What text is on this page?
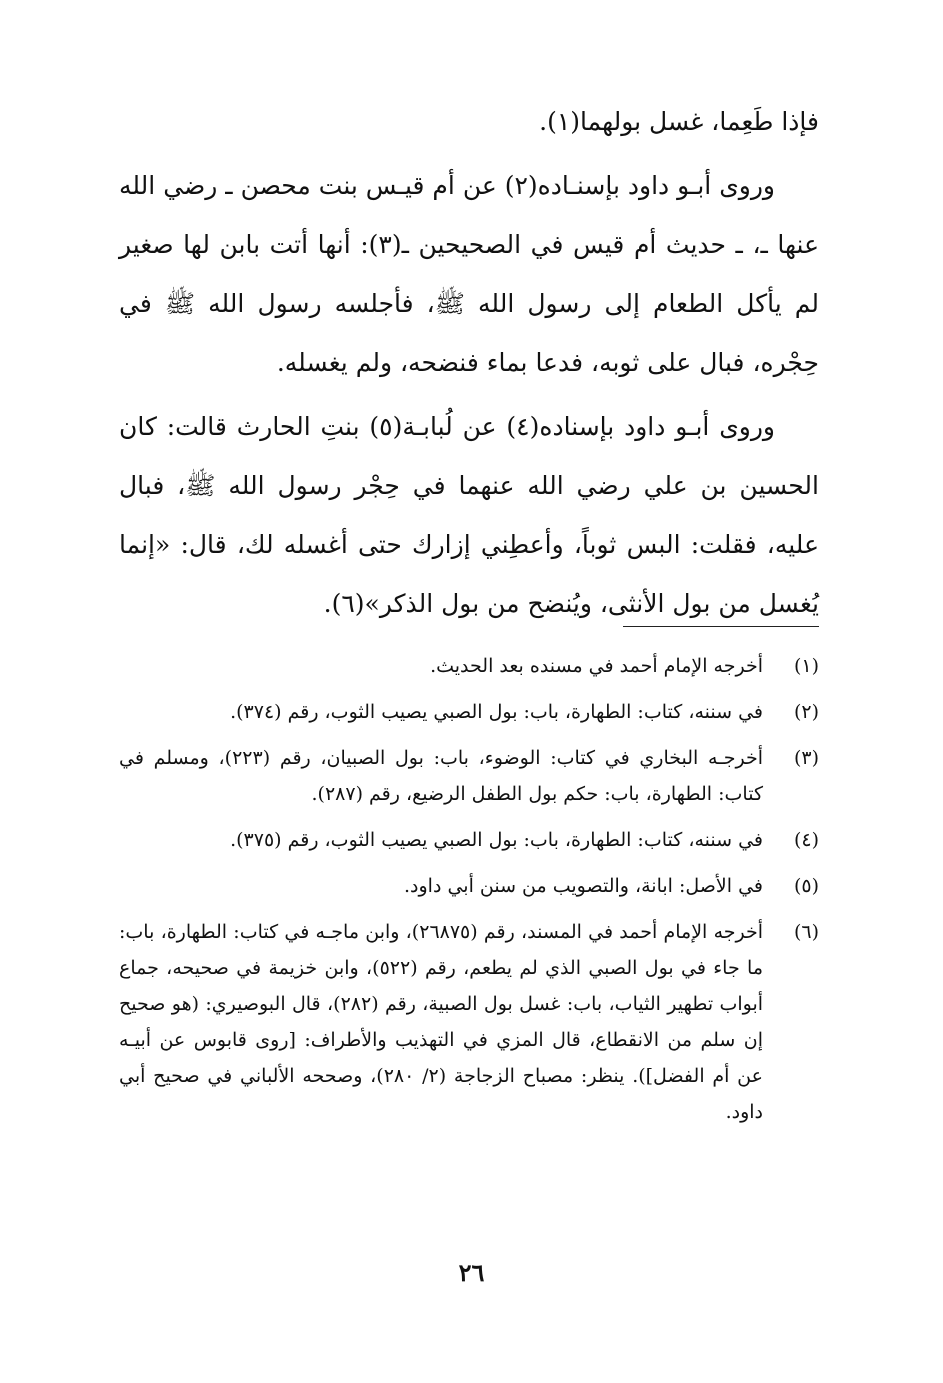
فإذا طَعِما، غسل بولهما(١).

وروى أبـو داود بإسنـاده(٢) عن أم قيـس بنت محصن ـ رضي الله عنها ـ، ـ حديث أم قيس في الصحيحين ـ(٣): أنها أتت بابن لها صغير لم يأكل الطعام إلى رسول الله ﷺ، فأجلسه رسول الله ﷺ في حِجْره، فبال على ثوبه، فدعا بماء فنضحه، ولم يغسله.

وروى أبـو داود بإسناده(٤) عن لُبابـة(٥) بنتِ الحارث قالت: كان الحسين بن علي رضي الله عنهما في حِجْر رسول الله ﷺ، فبال عليه، فقلت: البس ثوباً، وأعطِني إزارك حتى أغسله لك، قال: «إنما يُغسل من بول الأنثى، ويُنضح من بول الذكر»(٦).

(١)
أخرجه الإمام أحمد في مسنده بعد الحديث.
(٢)
في سننه، كتاب: الطهارة، باب: بول الصبي يصيب الثوب، رقم (٣٧٤).
(٣)
أخرجـه البخاري في كتاب: الوضوء، باب: بول الصبيان، رقم (٢٢٣)، ومسلم في كتاب: الطهارة، باب: حكم بول الطفل الرضيع، رقم (٢٨٧).
(٤)
في سننه، كتاب: الطهارة، باب: بول الصبي يصيب الثوب، رقم (٣٧٥).
(٥)
في الأصل: ابانة، والتصويب من سنن أبي داود.
(٦)
أخرجه الإمام أحمد في المسند، رقم (٢٦٨٧٥)، وابن ماجـه في كتاب: الطهارة، باب: ما جاء في بول الصبي الذي لم يطعم، رقم (٥٢٢)، وابن خزيمة في صحيحه، جماع أبواب تطهير الثياب، باب: غسل بول الصبية، رقم (٢٨٢)، قال البوصيري: (هو صحيح إن سلم من الانقطاع، قال المزي في التهذيب والأطراف: [روى قابوس عن أبيـه عن أم الفضل]). ينظر: مصباح الزجاجة (٢/ ٢٨٠)، وصححه الألباني في صحيح أبي داود.
٢٦
